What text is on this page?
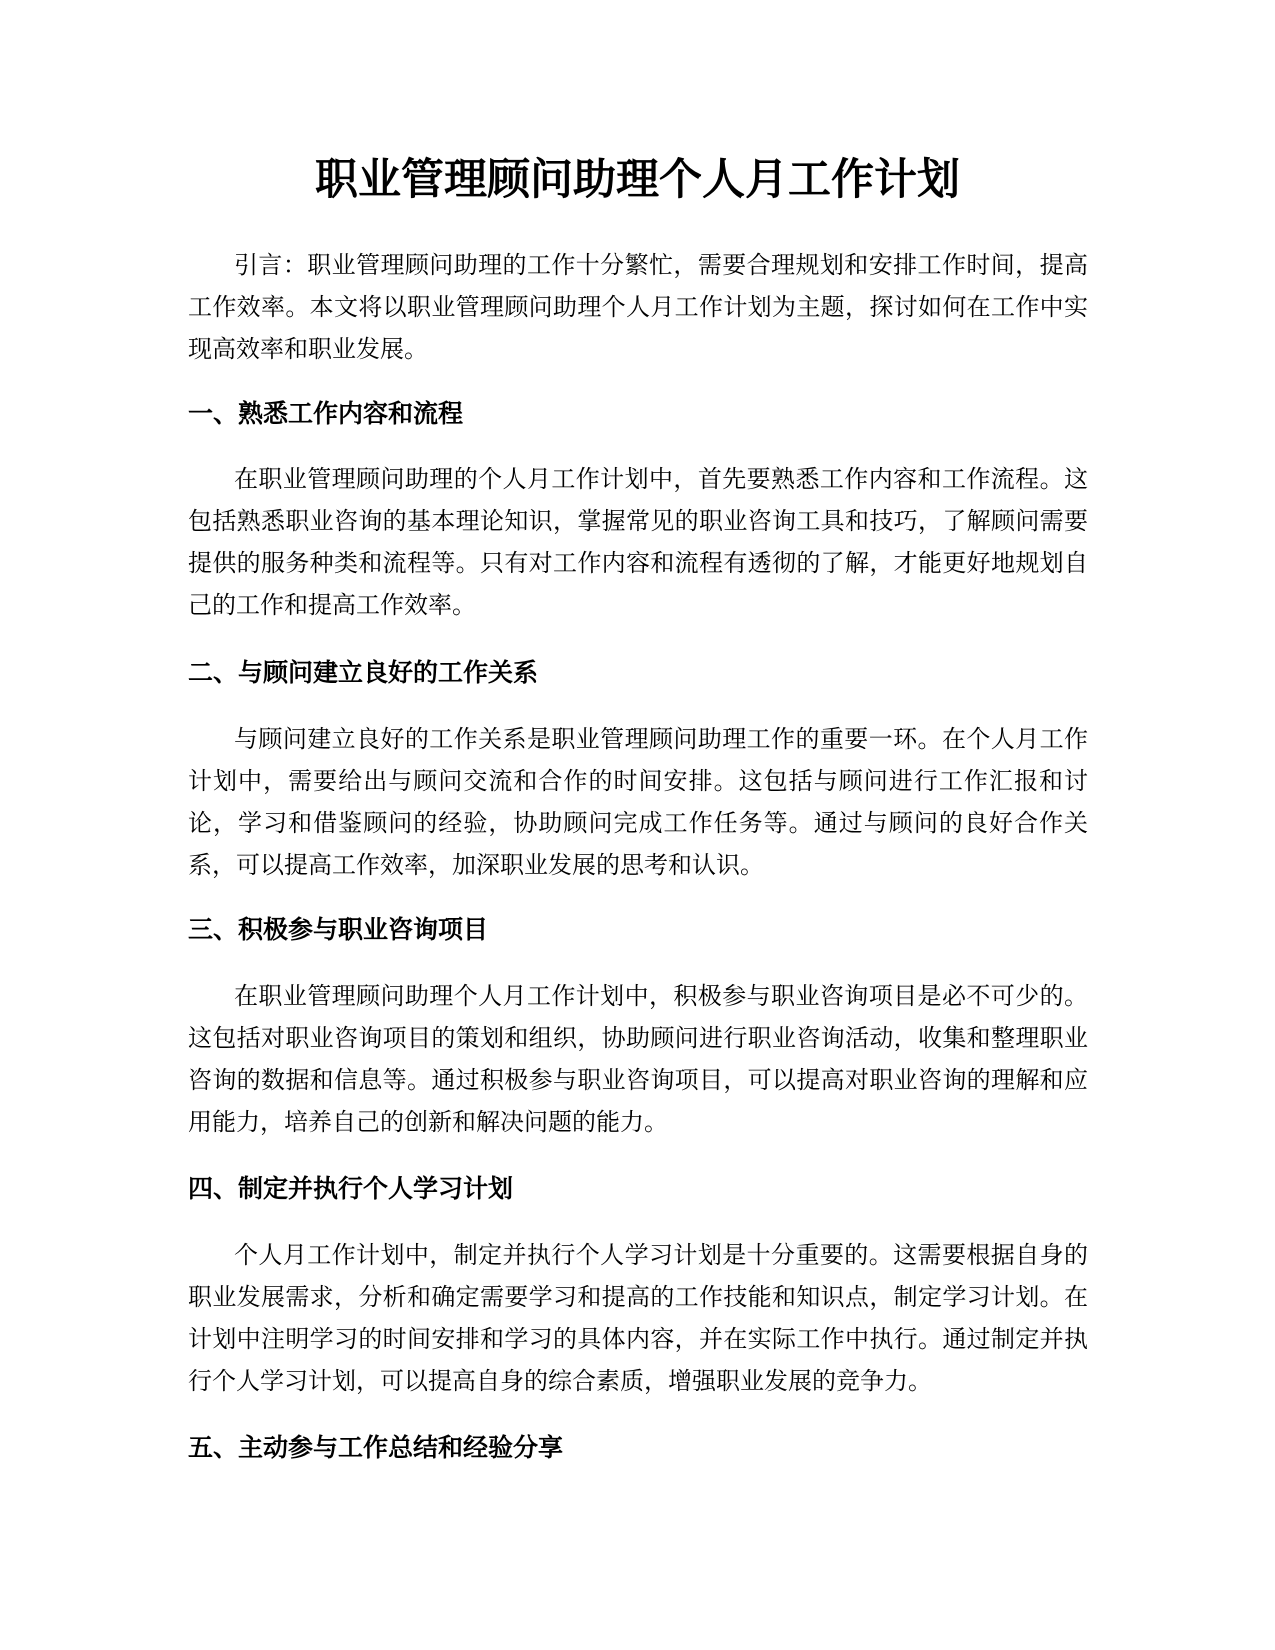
职业管理顾问助理个人月工作计划

引言：职业管理顾问助理的工作十分繁忙，需要合理规划和安排工作时间，提高工作效率。本文将以职业管理顾问助理个人月工作计划为主题，探讨如何在工作中实现高效率和职业发展。

一、熟悉工作内容和流程

在职业管理顾问助理的个人月工作计划中，首先要熟悉工作内容和工作流程。这包括熟悉职业咨询的基本理论知识，掌握常见的职业咨询工具和技巧，了解顾问需要提供的服务种类和流程等。只有对工作内容和流程有透彻的了解，才能更好地规划自己的工作和提高工作效率。

二、与顾问建立良好的工作关系

与顾问建立良好的工作关系是职业管理顾问助理工作的重要一环。在个人月工作计划中，需要给出与顾问交流和合作的时间安排。这包括与顾问进行工作汇报和讨论，学习和借鉴顾问的经验，协助顾问完成工作任务等。通过与顾问的良好合作关系，可以提高工作效率，加深职业发展的思考和认识。

三、积极参与职业咨询项目

在职业管理顾问助理个人月工作计划中，积极参与职业咨询项目是必不可少的。这包括对职业咨询项目的策划和组织，协助顾问进行职业咨询活动，收集和整理职业咨询的数据和信息等。通过积极参与职业咨询项目，可以提高对职业咨询的理解和应用能力，培养自己的创新和解决问题的能力。

四、制定并执行个人学习计划

个人月工作计划中，制定并执行个人学习计划是十分重要的。这需要根据自身的职业发展需求，分析和确定需要学习和提高的工作技能和知识点，制定学习计划。在计划中注明学习的时间安排和学习的具体内容，并在实际工作中执行。通过制定并执行个人学习计划，可以提高自身的综合素质，增强职业发展的竞争力。

五、主动参与工作总结和经验分享
